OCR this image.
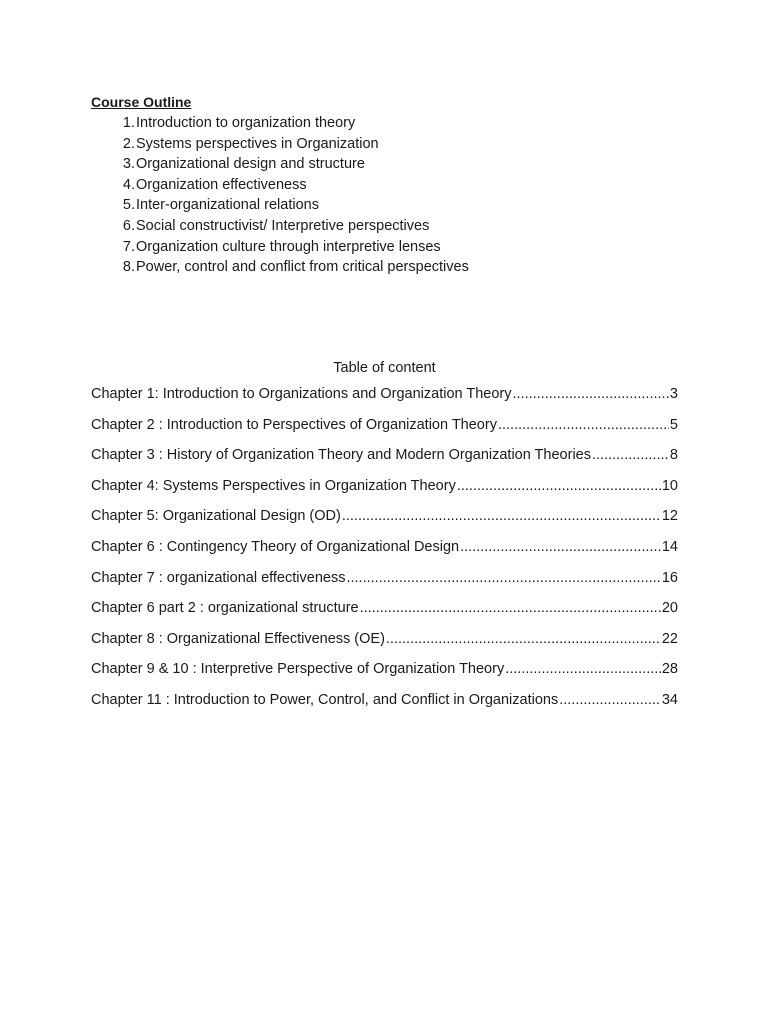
Course Outline

1. Introduction to organization theory
2. Systems perspectives in Organization
3. Organizational design and structure
4. Organization effectiveness
5. Inter-organizational relations
6. Social constructivist/ Interpretive perspectives
7. Organization culture through interpretive lenses
8. Power, control and conflict from critical perspectives

Table of content

Chapter 1: Introduction to Organizations and Organization Theory .....	3
Chapter 2 : Introduction to Perspectives of Organization Theory .....	5
Chapter 3 : History of Organization Theory and Modern Organization Theories .....	8
Chapter 4: Systems Perspectives in Organization Theory .....	10
Chapter 5: Organizational Design (OD) .....	12
Chapter 6 : Contingency Theory of Organizational Design .....	14
Chapter 7 : organizational effectiveness .....	16
Chapter 6 part 2 : organizational structure .....	20
Chapter 8 : Organizational Effectiveness (OE) .....	22
Chapter 9 & 10 : Interpretive Perspective of Organization Theory .....	28
Chapter 11 : Introduction to Power, Control, and Conflict in Organizations .....	34
